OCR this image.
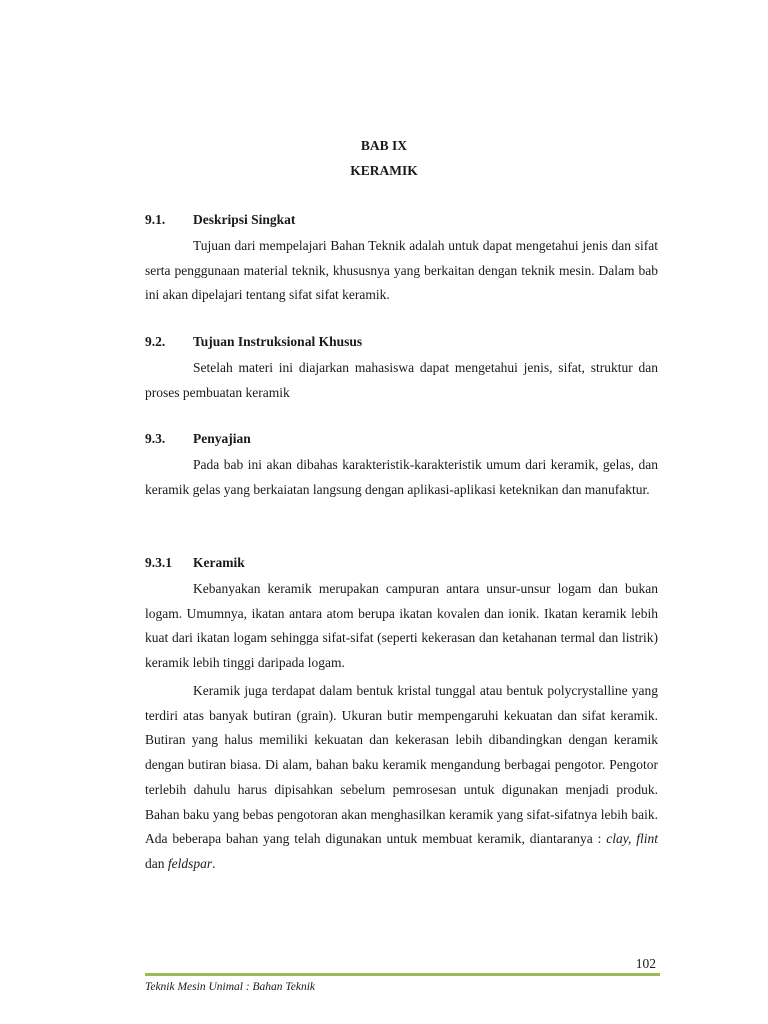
BAB IX
KERAMIK
9.1. Deskripsi Singkat
Tujuan dari mempelajari Bahan Teknik adalah untuk dapat mengetahui jenis dan sifat serta penggunaan material teknik, khususnya yang berkaitan dengan teknik mesin. Dalam bab ini akan dipelajari tentang sifat sifat keramik.
9.2. Tujuan Instruksional Khusus
Setelah materi ini diajarkan mahasiswa dapat mengetahui jenis, sifat, struktur dan proses pembuatan keramik
9.3. Penyajian
Pada bab ini akan dibahas karakteristik-karakteristik umum dari keramik, gelas, dan keramik gelas yang berkaiatan langsung dengan aplikasi-aplikasi keteknikan dan manufaktur.
9.3.1 Keramik
Kebanyakan keramik merupakan campuran antara unsur-unsur logam dan bukan logam. Umumnya, ikatan antara atom berupa ikatan kovalen dan ionik. Ikatan keramik lebih kuat dari ikatan logam sehingga sifat-sifat (seperti kekerasan dan ketahanan termal dan listrik) keramik lebih tinggi daripada logam.
Keramik juga terdapat dalam bentuk kristal tunggal atau bentuk polycrystalline yang terdiri atas banyak butiran (grain). Ukuran butir mempengaruhi kekuatan dan sifat keramik. Butiran yang halus memiliki kekuatan dan kekerasan lebih dibandingkan dengan keramik dengan butiran biasa. Di alam, bahan baku keramik mengandung berbagai pengotor. Pengotor terlebih dahulu harus dipisahkan sebelum pemrosesan untuk digunakan menjadi produk. Bahan baku yang bebas pengotoran akan menghasilkan keramik yang sifat-sifatnya lebih baik. Ada beberapa bahan yang telah digunakan untuk membuat keramik, diantaranya : clay, flint dan feldspar.
102
Teknik Mesin Unimal : Bahan Teknik
